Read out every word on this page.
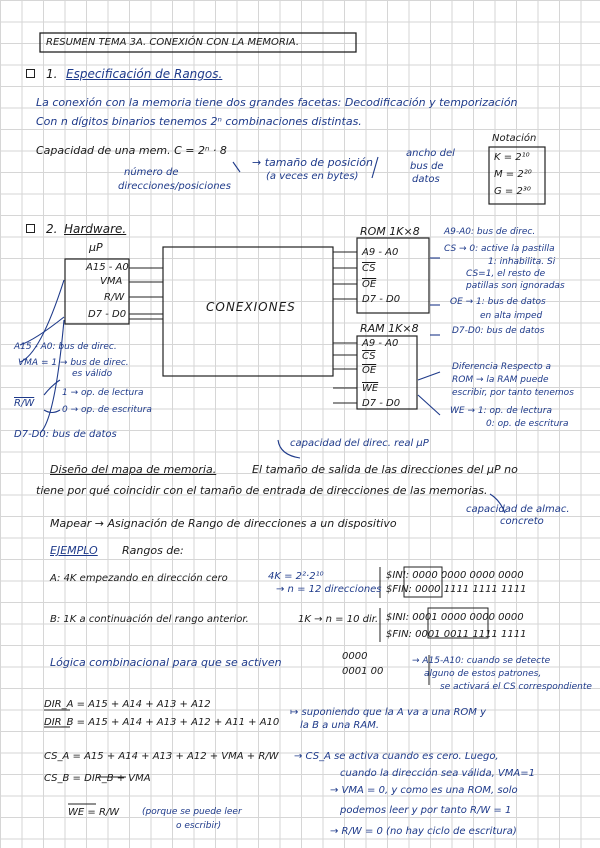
RESUMEN TEMA 3A. CONEXIÓN CON LA MEMORIA.
1. Especificación de Rangos.
La conexión con la memoria tiene dos grandes facetas: Decodificación y temporización
Con n dígitos binarios tenemos 2ⁿ combinaciones distintas.
Capacidad de una mem. C = 2ⁿ · 8
número de
direcciones/posiciones
→ tamaño de posición
(a veces en bytes)
ancho del
bus de
datos
Notación
K = 2¹⁰
M = 2²⁰
G = 2³⁰
2. Hardware.
µP
A15 - A0
VMA
R/W
D7 - D0
CONEXIONES
ROM 1K×8
A9 - A0
$\overline{CS}$
$\overline{OE}$
D7 - D0
RAM 1K×8
A9 - A0
$\overline{CS}$
$\overline{OE}$
$\overline{WE}$
D7 - D0
A15 - A0: bus de direc.
VMA = 1 → bus de direc.
es válido
1 → op. de lectura
R/W
0 → op. de escritura
D7-D0: bus de datos
A9-A0: bus de direc.
CS → 0: active la pastilla
1: inhabilita. Si
CS=1, el resto de
patillas son ignoradas
OE → 1: bus de datos
en alta imped
D7-D0: bus de datos
Diferencia Respecto a
ROM → la RAM puede
escribir, por tanto tenemos
WE → 1: op. de lectura
0: op. de escritura
capacidad del direc. real µP
Diseño del mapa de memoria.	El tamaño de salida de las direcciones del µP no
tiene por qué coincidir con el tamaño de entrada de direcciones de las memorias.
capacidad de almac.
concreto
Mapear → Asignación de Rango de direcciones a un dispositivo
EJEMPLO Rangos de:
A: 4K empezando en dirección cero	4K = 2²·2¹⁰
→ n = 12 direcciones
$INI: 0000 0000 0000 0000
$FIN: 0000 1111 1111 1111
B: 1K a continuación del rango anterior.	1K → n = 10 dir. $INI: 0001 0000 0000 0000
$FIN: 0001 0011 1111 1111
Lógica combinacional para que se activen	0000
0001 00
→ A15-A10: cuando se detecte
alguno de estos patrones,
se activará el CS correspondiente
DIR_A = A15 + A14 + A13 + A12
DIR_B = A15 + A14 + A13 + A12 + A11 + A10
↦ suponiendo que la A va a una ROM y
la B a una RAM.
CS_A = A15 + A14 + A13 + A12 + VMA + R/W
CS_B = DIR_B + VMA
WE = R/W	(porque se puede leer
o escribir)
→ CS_A se activa cuando es cero. Luego,
cuando la dirección sea válida, VMA=1
→ VMA = 0, y como es una ROM, solo
podemos leer y por tanto R/W = 1
→ R/W = 0 (no hay ciclo de escritura)
